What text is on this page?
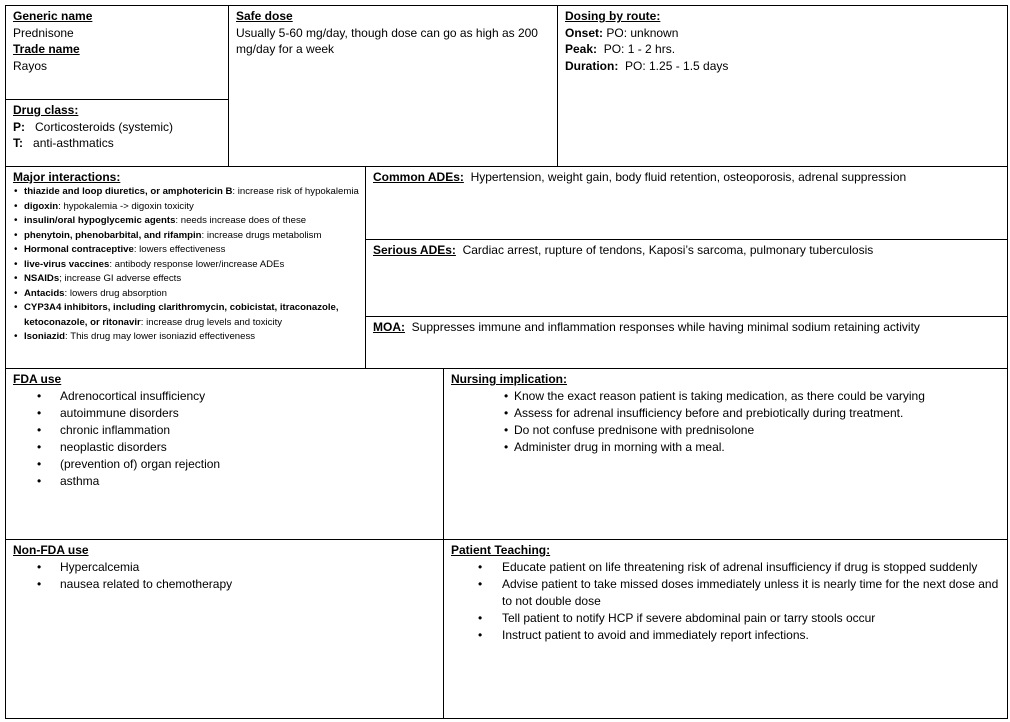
Generic name
Prednisone
Trade name
Rayos
Drug class:
P: Corticosteroids (systemic)
T: anti-asthmatics
Safe dose
Usually 5-60 mg/day, though dose can go as high as 200 mg/day for a week
Dosing by route:
Onset: PO: unknown
Peak: PO: 1 - 2 hrs.
Duration: PO: 1.25 - 1.5 days
Major interactions:
• thiazide and loop diuretics, or amphotericin B: increase risk of hypokalemia
• digoxin: hypokalemia -> digoxin toxicity
• insulin/oral hypoglycemic agents: needs increase does of these
• phenytoin, phenobarbital, and rifampin: increase drugs metabolism
• Hormonal contraceptive: lowers effectiveness
• live-virus vaccines: antibody response lower/increase ADEs
• NSAIDs; increase GI adverse effects
• Antacids: lowers drug absorption
• CYP3A4 inhibitors, including clarithromycin, cobicistat, itraconazole, ketoconazole, or ritonavir: increase drug levels and toxicity
• Isoniazid: This drug may lower isoniazid effectiveness
Common ADEs: Hypertension, weight gain, body fluid retention, osteoporosis, adrenal suppression
Serious ADEs: Cardiac arrest, rupture of tendons, Kaposi’s sarcoma, pulmonary tuberculosis
MOA: Suppresses immune and inflammation responses while having minimal sodium retaining activity
FDA use
• Adrenocortical insufficiency
• autoimmune disorders
• chronic inflammation
• neoplastic disorders
• (prevention of) organ rejection
• asthma
Nursing implication:
• Know the exact reason patient is taking medication, as there could be varying
• Assess for adrenal insufficiency before and prebiotically during treatment.
• Do not confuse prednisone with prednisolone
• Administer drug in morning with a meal.
Non-FDA use
• Hypercalcemia
• nausea related to chemotherapy
Patient Teaching:
• Educate patient on life threatening risk of adrenal insufficiency if drug is stopped suddenly
• Advise patient to take missed doses immediately unless it is nearly time for the next dose and to not double dose
• Tell patient to notify HCP if severe abdominal pain or tarry stools occur
• Instruct patient to avoid and immediately report infections.
